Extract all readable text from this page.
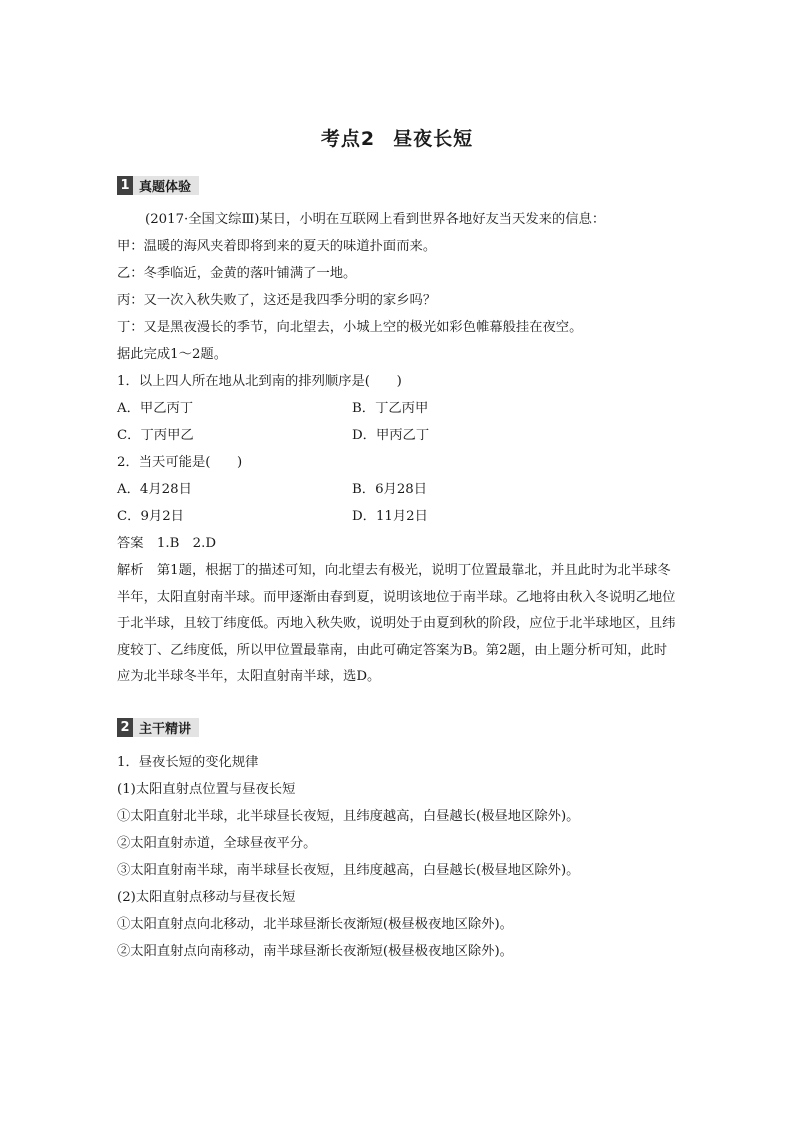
考点2 昼夜长短
1 真题体验
(2017·全国文综Ⅲ)某日，小明在互联网上看到世界各地好友当天发来的信息：
甲：温暖的海风夹着即将到来的夏天的味道扑面而来。
乙：冬季临近，金黄的落叶铺满了一地。
丙：又一次入秋失败了，这还是我四季分明的家乡吗？
丁：又是黑夜漫长的季节，向北望去，小城上空的极光如彩色帷幕般挂在夜空。
据此完成1～2题。
1．以上四人所在地从北到南的排列顺序是(　　)
A．甲乙丙丁	B．丁乙丙甲
C．丁丙甲乙	D．甲丙乙丁
2．当天可能是(　　)
A．4月28日	B．6月28日
C．9月2日	D．11月2日
答案　1.B　2.D
解析　第1题，根据丁的描述可知，向北望去有极光，说明丁位置最靠北，并且此时为北半球冬半年，太阳直射南半球。而甲逐渐由春到夏，说明该地位于南半球。乙地将由秋入冬说明乙地位于北半球，且较丁纬度低。丙地入秋失败，说明处于由夏到秋的阶段，应位于北半球地区，且纬度较丁、乙纬度低，所以甲位置最靠南，由此可确定答案为B。第2题，由上题分析可知，此时应为北半球冬半年，太阳直射南半球，选D。
2 主干精讲
1．昼夜长短的变化规律
(1)太阳直射点位置与昼夜长短
①太阳直射北半球，北半球昼长夜短，且纬度越高，白昼越长(极昼地区除外)。
②太阳直射赤道，全球昼夜平分。
③太阳直射南半球，南半球昼长夜短，且纬度越高，白昼越长(极昼地区除外)。
(2)太阳直射点移动与昼夜长短
①太阳直射点向北移动，北半球昼渐长夜渐短(极昼极夜地区除外)。
②太阳直射点向南移动，南半球昼渐长夜渐短(极昼极夜地区除外)。
